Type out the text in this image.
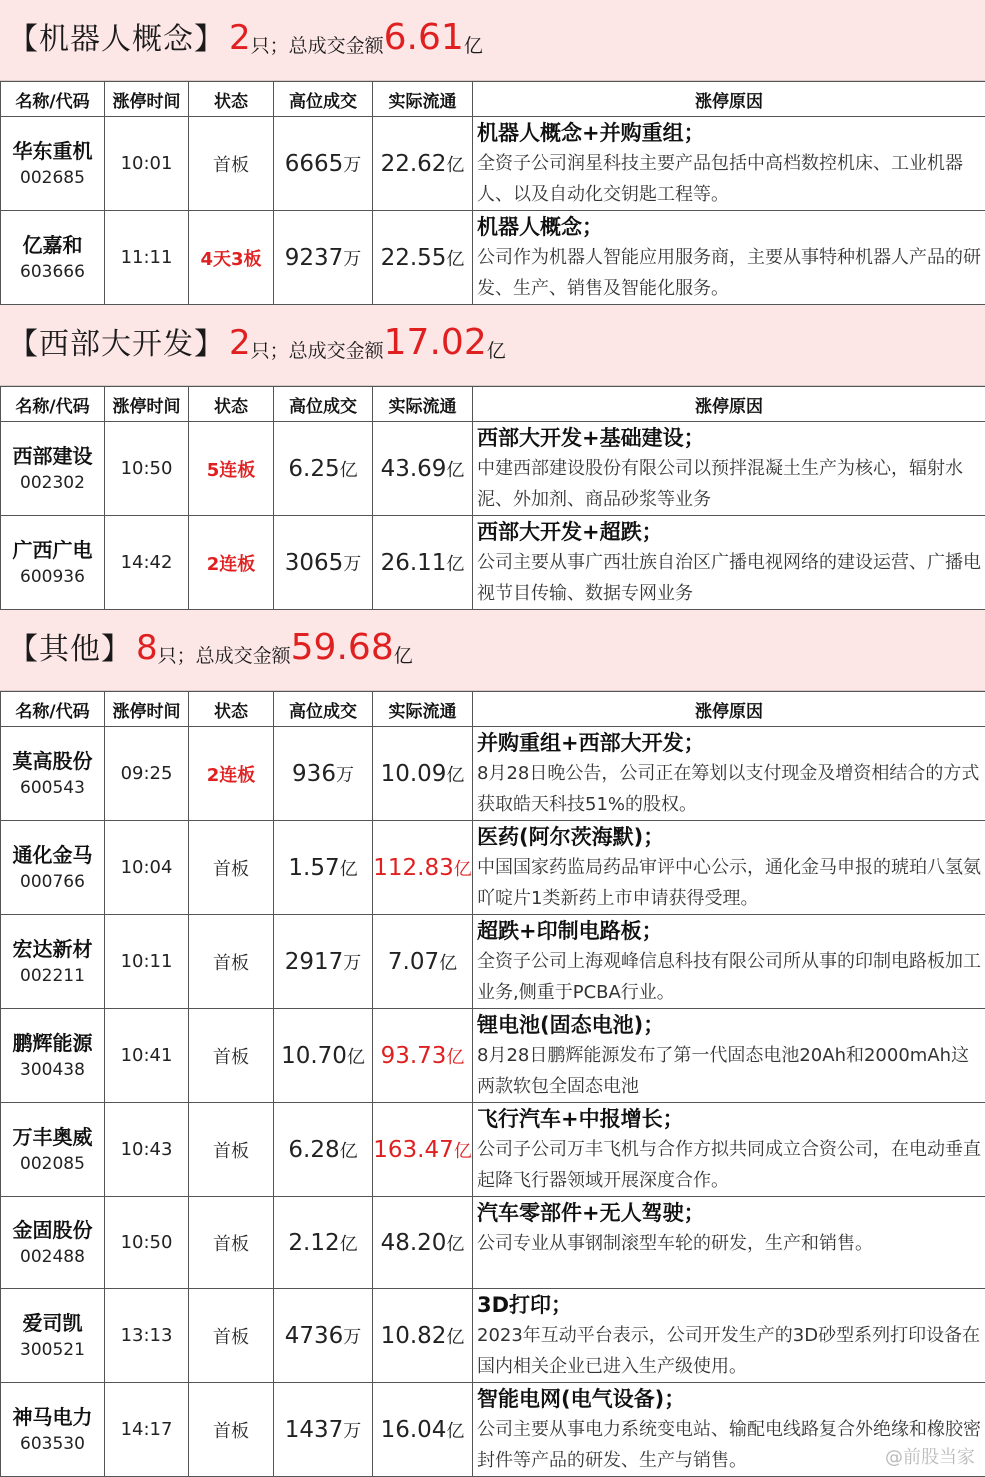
【机器人概念】 2 只；总成交金额 6.61 亿
名称/代码	涨停时间	状态	高位成交	实际流通	涨停原因

华东重机
002685	10:01	首板	6665万	22.62亿	机器人概念+并购重组；
全资子公司润星科技主要产品包括中高档数控机床、工业机器人、以及自动化交钥匙工程等。

亿嘉和
603666	11:11	4天3板	9237万	22.55亿	机器人概念；
公司作为机器人智能应用服务商，主要从事特种机器人产品的研发、生产、销售及智能化服务。
【西部大开发】 2 只；总成交金额 17.02 亿
名称/代码	涨停时间	状态	高位成交	实际流通	涨停原因

西部建设
002302	10:50	5连板	6.25亿	43.69亿	西部大开发+基础建设；
中建西部建设股份有限公司以预拌混凝土生产为核心，辐射水泥、外加剂、商品砂浆等业务

广西广电
600936	14:42	2连板	3065万	26.11亿	西部大开发+超跌；
公司主要从事广西壮族自治区广播电视网络的建设运营、广播电视节目传输、数据专网业务
【其他】 8 只；总成交金额 59.68 亿
名称/代码	涨停时间	状态	高位成交	实际流通	涨停原因

莫高股份
600543	09:25	2连板	936万	10.09亿	并购重组+西部大开发；
8月28日晚公告，公司正在筹划以支付现金及增资相结合的方式获取皓天科技51%的股权。

通化金马
000766	10:04	首板	1.57亿	112.83亿	医药(阿尔茨海默)；
中国国家药监局药品审评中心公示，通化金马申报的琥珀八氢氨吖啶片1类新药上市申请获得受理。

宏达新材
002211	10:11	首板	2917万	7.07亿	超跌+印制电路板；
全资子公司上海观峰信息科技有限公司所从事的印制电路板加工业务,侧重于PCBA行业。

鹏辉能源
300438	10:41	首板	10.70亿	93.73亿	锂电池(固态电池)；
8月28日鹏辉能源发布了第一代固态电池20Ah和2000mAh这两款软包全固态电池

万丰奥威
002085	10:43	首板	6.28亿	163.47亿	飞行汽车+中报增长；
公司子公司万丰飞机与合作方拟共同成立合资公司，在电动垂直起降飞行器领域开展深度合作。

金固股份
002488	10:50	首板	2.12亿	48.20亿	汽车零部件+无人驾驶；
公司专业从事钢制滚型车轮的研发，生产和销售。

爱司凯
300521	13:13	首板	4736万	10.82亿	3D打印；
2023年互动平台表示，公司开发生产的3D砂型系列打印设备在国内相关企业已进入生产级使用。

神马电力
603530	14:17	首板	1437万	16.04亿	智能电网(电气设备)；
公司主要从事电力系统变电站、输配电线路复合外绝缘和橡胶密封件等产品的研发、生产与销售。	@前股当家
